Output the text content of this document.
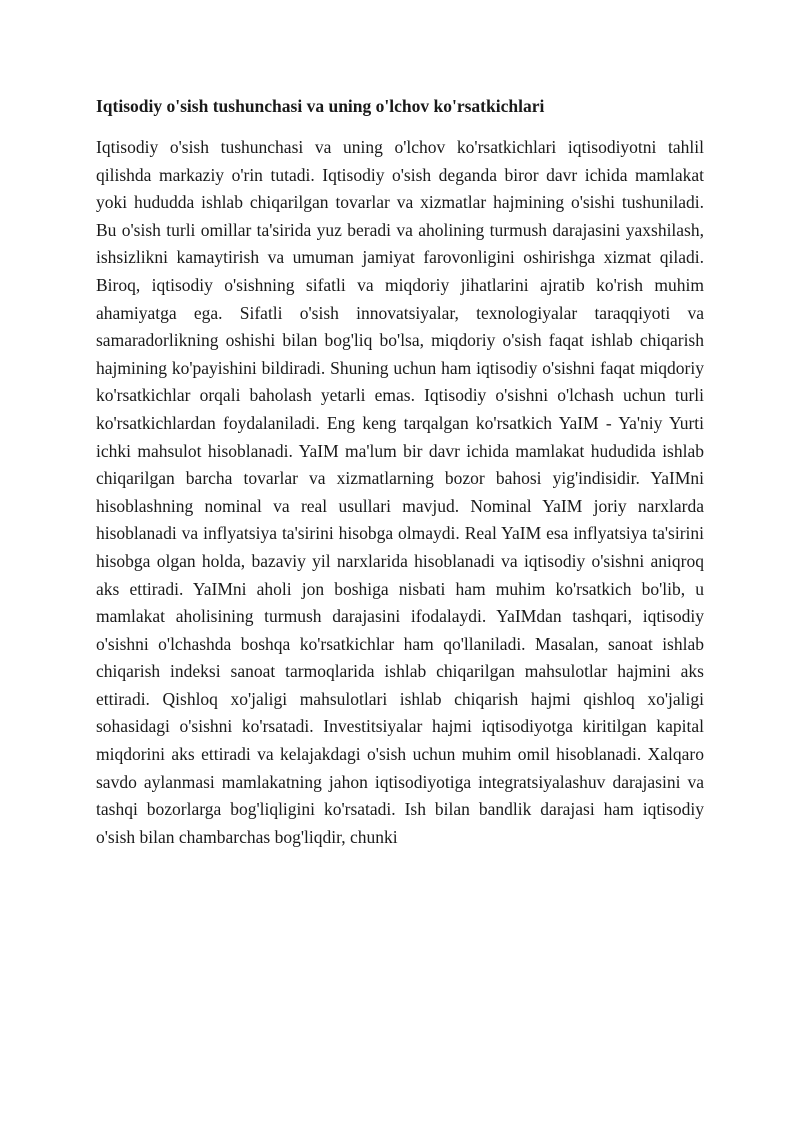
Iqtisodiy o'sish tushunchasi va uning o'lchov ko'rsatkichlari

Iqtisodiy o'sish tushunchasi va uning o'lchov ko'rsatkichlari iqtisodiyotni tahlil qilishda markaziy o'rin tutadi. Iqtisodiy o'sish deganda biror davr ichida mamlakat yoki hududda ishlab chiqarilgan tovarlar va xizmatlar hajmining o'sishi tushuniladi. Bu o'sish turli omillar ta'sirida yuz beradi va aholining turmush darajasini yaxshilash, ishsizlikni kamaytirish va umuman jamiyat farovonligini oshirishga xizmat qiladi. Biroq, iqtisodiy o'sishning sifatli va miqdoriy jihatlarini ajratib ko'rish muhim ahamiyatga ega. Sifatli o'sish innovatsiyalar, texnologiyalar taraqqiyoti va samaradorlikning oshishi bilan bog'liq bo'lsa, miqdoriy o'sish faqat ishlab chiqarish hajmining ko'payishini bildiradi. Shuning uchun ham iqtisodiy o'sishni faqat miqdoriy ko'rsatkichlar orqali baholash yetarli emas. Iqtisodiy o'sishni o'lchash uchun turli ko'rsatkichlardan foydalaniladi. Eng keng tarqalgan ko'rsatkich YaIM - Ya'niy Yurti ichki mahsulot hisoblanadi. YaIM ma'lum bir davr ichida mamlakat hududida ishlab chiqarilgan barcha tovarlar va xizmatlarning bozor bahosi yig'indisidir. YaIMni hisoblashning nominal va real usullari mavjud. Nominal YaIM joriy narxlarda hisoblanadi va inflyatsiya ta'sirini hisobga olmaydi. Real YaIM esa inflyatsiya ta'sirini hisobga olgan holda, bazaviy yil narxlarida hisoblanadi va iqtisodiy o'sishni aniqroq aks ettiradi. YaIMni aholi jon boshiga nisbati ham muhim ko'rsatkich bo'lib, u mamlakat aholisining turmush darajasini ifodalaydi. YaIMdan tashqari, iqtisodiy o'sishni o'lchashda boshqa ko'rsatkichlar ham qo'llaniladi. Masalan, sanoat ishlab chiqarish indeksi sanoat tarmoqlarida ishlab chiqarilgan mahsulotlar hajmini aks ettiradi. Qishloq xo'jaligi mahsulotlari ishlab chiqarish hajmi qishloq xo'jaligi sohasidagi o'sishni ko'rsatadi. Investitsiyalar hajmi iqtisodiyotga kiritilgan kapital miqdorini aks ettiradi va kelajakdagi o'sish uchun muhim omil hisoblanadi. Xalqaro savdo aylanmasi mamlakatning jahon iqtisodiyotiga integratsiyalashuv darajasini va tashqi bozorlarga bog'liqligini ko'rsatadi. Ish bilan bandlik darajasi ham iqtisodiy o'sish bilan chambarchas bog'liqdir, chunki
